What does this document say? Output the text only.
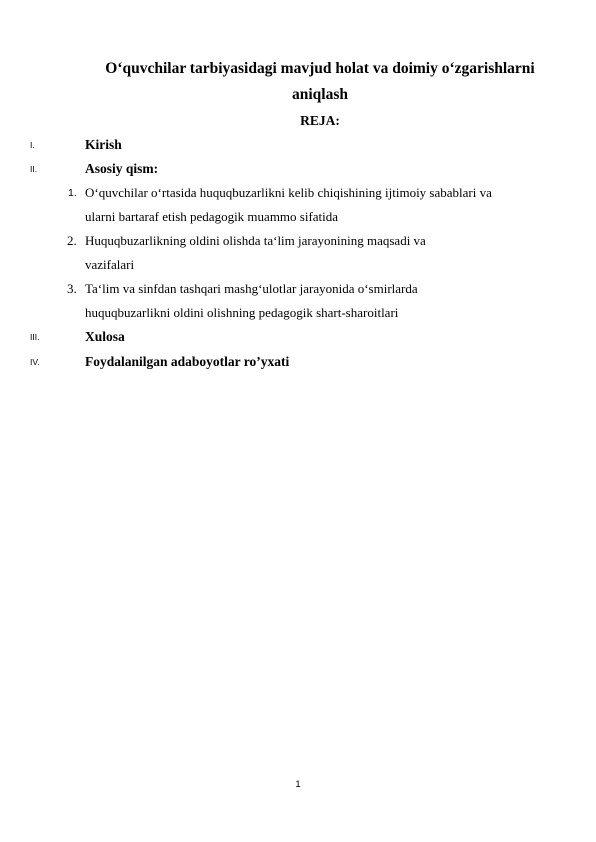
O‘quvchilar tarbiyasidagi mavjud holat va doimiy o‘zgarishlarni
aniqlash
REJA:
I.	Kirish
II.	Asosiy qism:
1. O‘quvchilar o‘rtasida huquqbuzarlikni kelib chiqishining ijtimoiy sabablari va
ularni bartaraf etish pedagogik muammo sifatida
2. Huquqbuzarlikning oldini olishda ta‘lim jarayonining maqsadi va
vazifalari
3. Ta‘lim va sinfdan tashqari mashg‘ulotlar jarayonida o‘smirlarda
huquqbuzarlikni oldini olishning pedagogik shart-sharoitlari
III.	Xulosa
IV.	Foydalanilgan adaboyotlar ro’yxati
1
